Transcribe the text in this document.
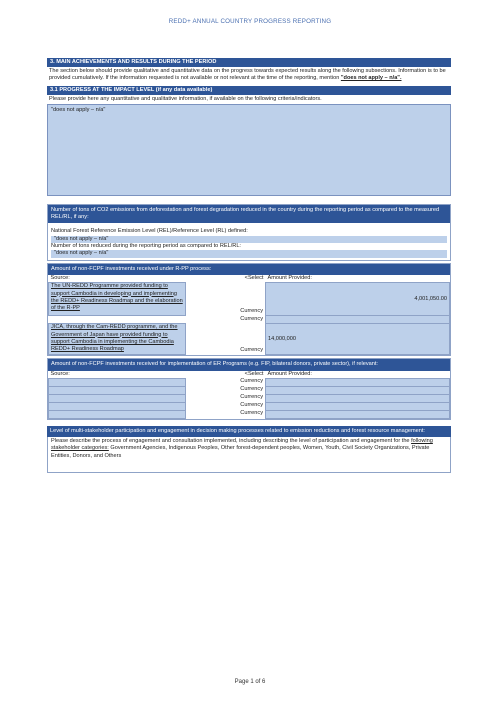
REDD+ ANNUAL COUNTRY PROGRESS REPORTING
3. MAIN ACHIEVEMENTS AND RESULTS DURING THE PERIOD
The section below should provide qualitative and quantitative data on the progress towards expected results along the following subsections. Information is to be provided cumulatively. If the information requested is not available or not relevant at the time of the reporting, mention "does not apply – n/a".
3.1 PROGRESS AT THE IMPACT LEVEL (if any data available)
Please provide here any quantitative and qualitative information, if available on the following criteria/indicators.
"does not apply – n/a"
Number of tons of CO2 emissions from deforestation and forest degradation reduced in the country during the reporting period as compared to the measured REL/RL, if any:
National Forest Reference Emission Level (REL)/Reference Level (RL) defined:
"does not apply – n/a"
Number of tons reduced during the reporting period as compared to REL/RL:
"does not apply – n/a"
Amount of non-FCPF investments received under R-PP process:
Source:	<Select	Amount Provided:
The UN-REDD Programme provided funding to support Cambodia in developing and implementing the REDD+ Readiness Roadmap and the elaboration of the R-PP	Currency	4,001,050.00
	Currency	
JICA, through the Cam-REDD programme, and the Government of Japan have provided funding to support Cambodia in implementing the Cambodia REDD+ Readiness Roadmap	Currency	14,000,000
Amount of non-FCPF investments received for implementation of ER Programs (e.g. FIP, bilateral donors, private sector), if relevant:
Source:	<Select	Amount Provided:
	Currency	
	Currency	
	Currency	
	Currency	
	Currency	
Level of multi-stakeholder participation and engagement in decision making processes related to emission reductions and forest resource management:
Please describe the process of engagement and consultation implemented, including describing the level of participation and engagement for the following stakeholder categories: Government Agencies, Indigenous Peoples, Other forest-dependent peoples, Women, Youth, Civil Society Organizations, Private Entities, Donors, and Others
Page 1 of 6
